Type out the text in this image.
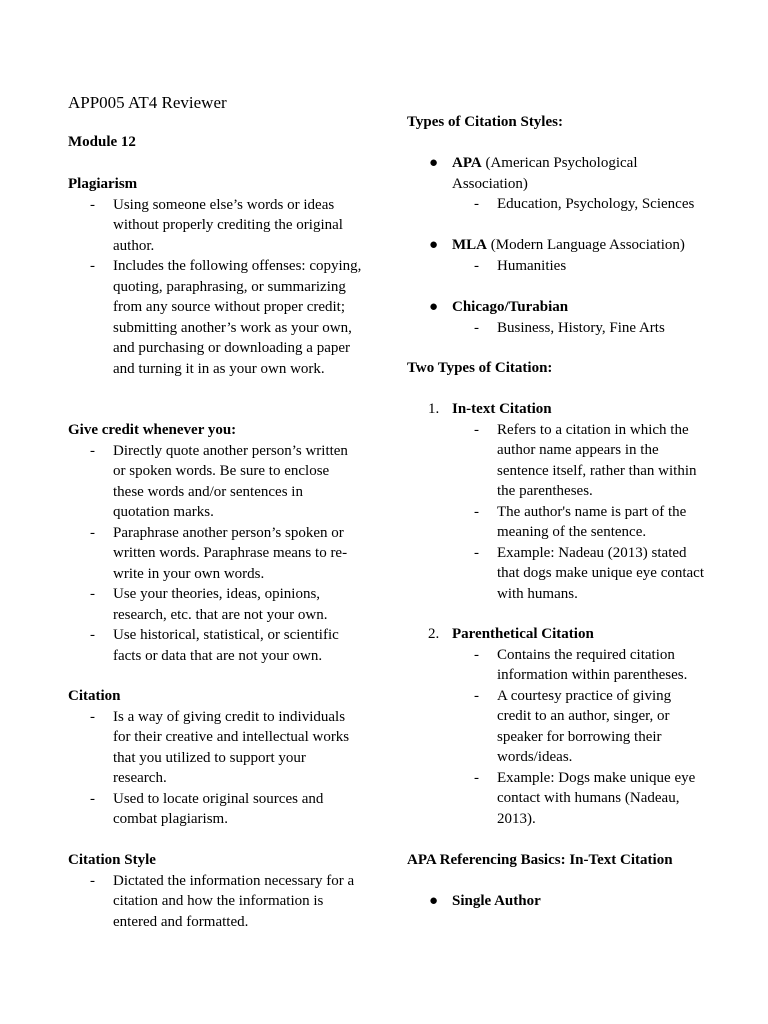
APP005 AT4 Reviewer
Module 12
Plagiarism
- Using someone else’s words or ideas without properly crediting the original author.
- Includes the following offenses: copying, quoting, paraphrasing, or summarizing from any source without proper credit; submitting another’s work as your own, and purchasing or downloading a paper and turning it in as your own work.
Give credit whenever you:
- Directly quote another person’s written or spoken words. Be sure to enclose these words and/or sentences in quotation marks.
- Paraphrase another person’s spoken or written words. Paraphrase means to re-write in your own words.
- Use your theories, ideas, opinions, research, etc. that are not your own.
- Use historical, statistical, or scientific facts or data that are not your own.
Citation
- Is a way of giving credit to individuals for their creative and intellectual works that you utilized to support your research.
- Used to locate original sources and combat plagiarism.
Citation Style
- Dictated the information necessary for a citation and how the information is entered and formatted.
Types of Citation Styles:
● APA (American Psychological Association)
- Education, Psychology, Sciences
● MLA (Modern Language Association)
- Humanities
● Chicago/Turabian
- Business, History, Fine Arts
Two Types of Citation:
1. In-text Citation
- Refers to a citation in which the author name appears in the sentence itself, rather than within the parentheses.
- The author's name is part of the meaning of the sentence.
- Example: Nadeau (2013) stated that dogs make unique eye contact with humans.
2. Parenthetical Citation
- Contains the required citation information within parentheses.
- A courtesy practice of giving credit to an author, singer, or speaker for borrowing their words/ideas.
- Example: Dogs make unique eye contact with humans (Nadeau, 2013).
APA Referencing Basics: In-Text Citation
● Single Author
